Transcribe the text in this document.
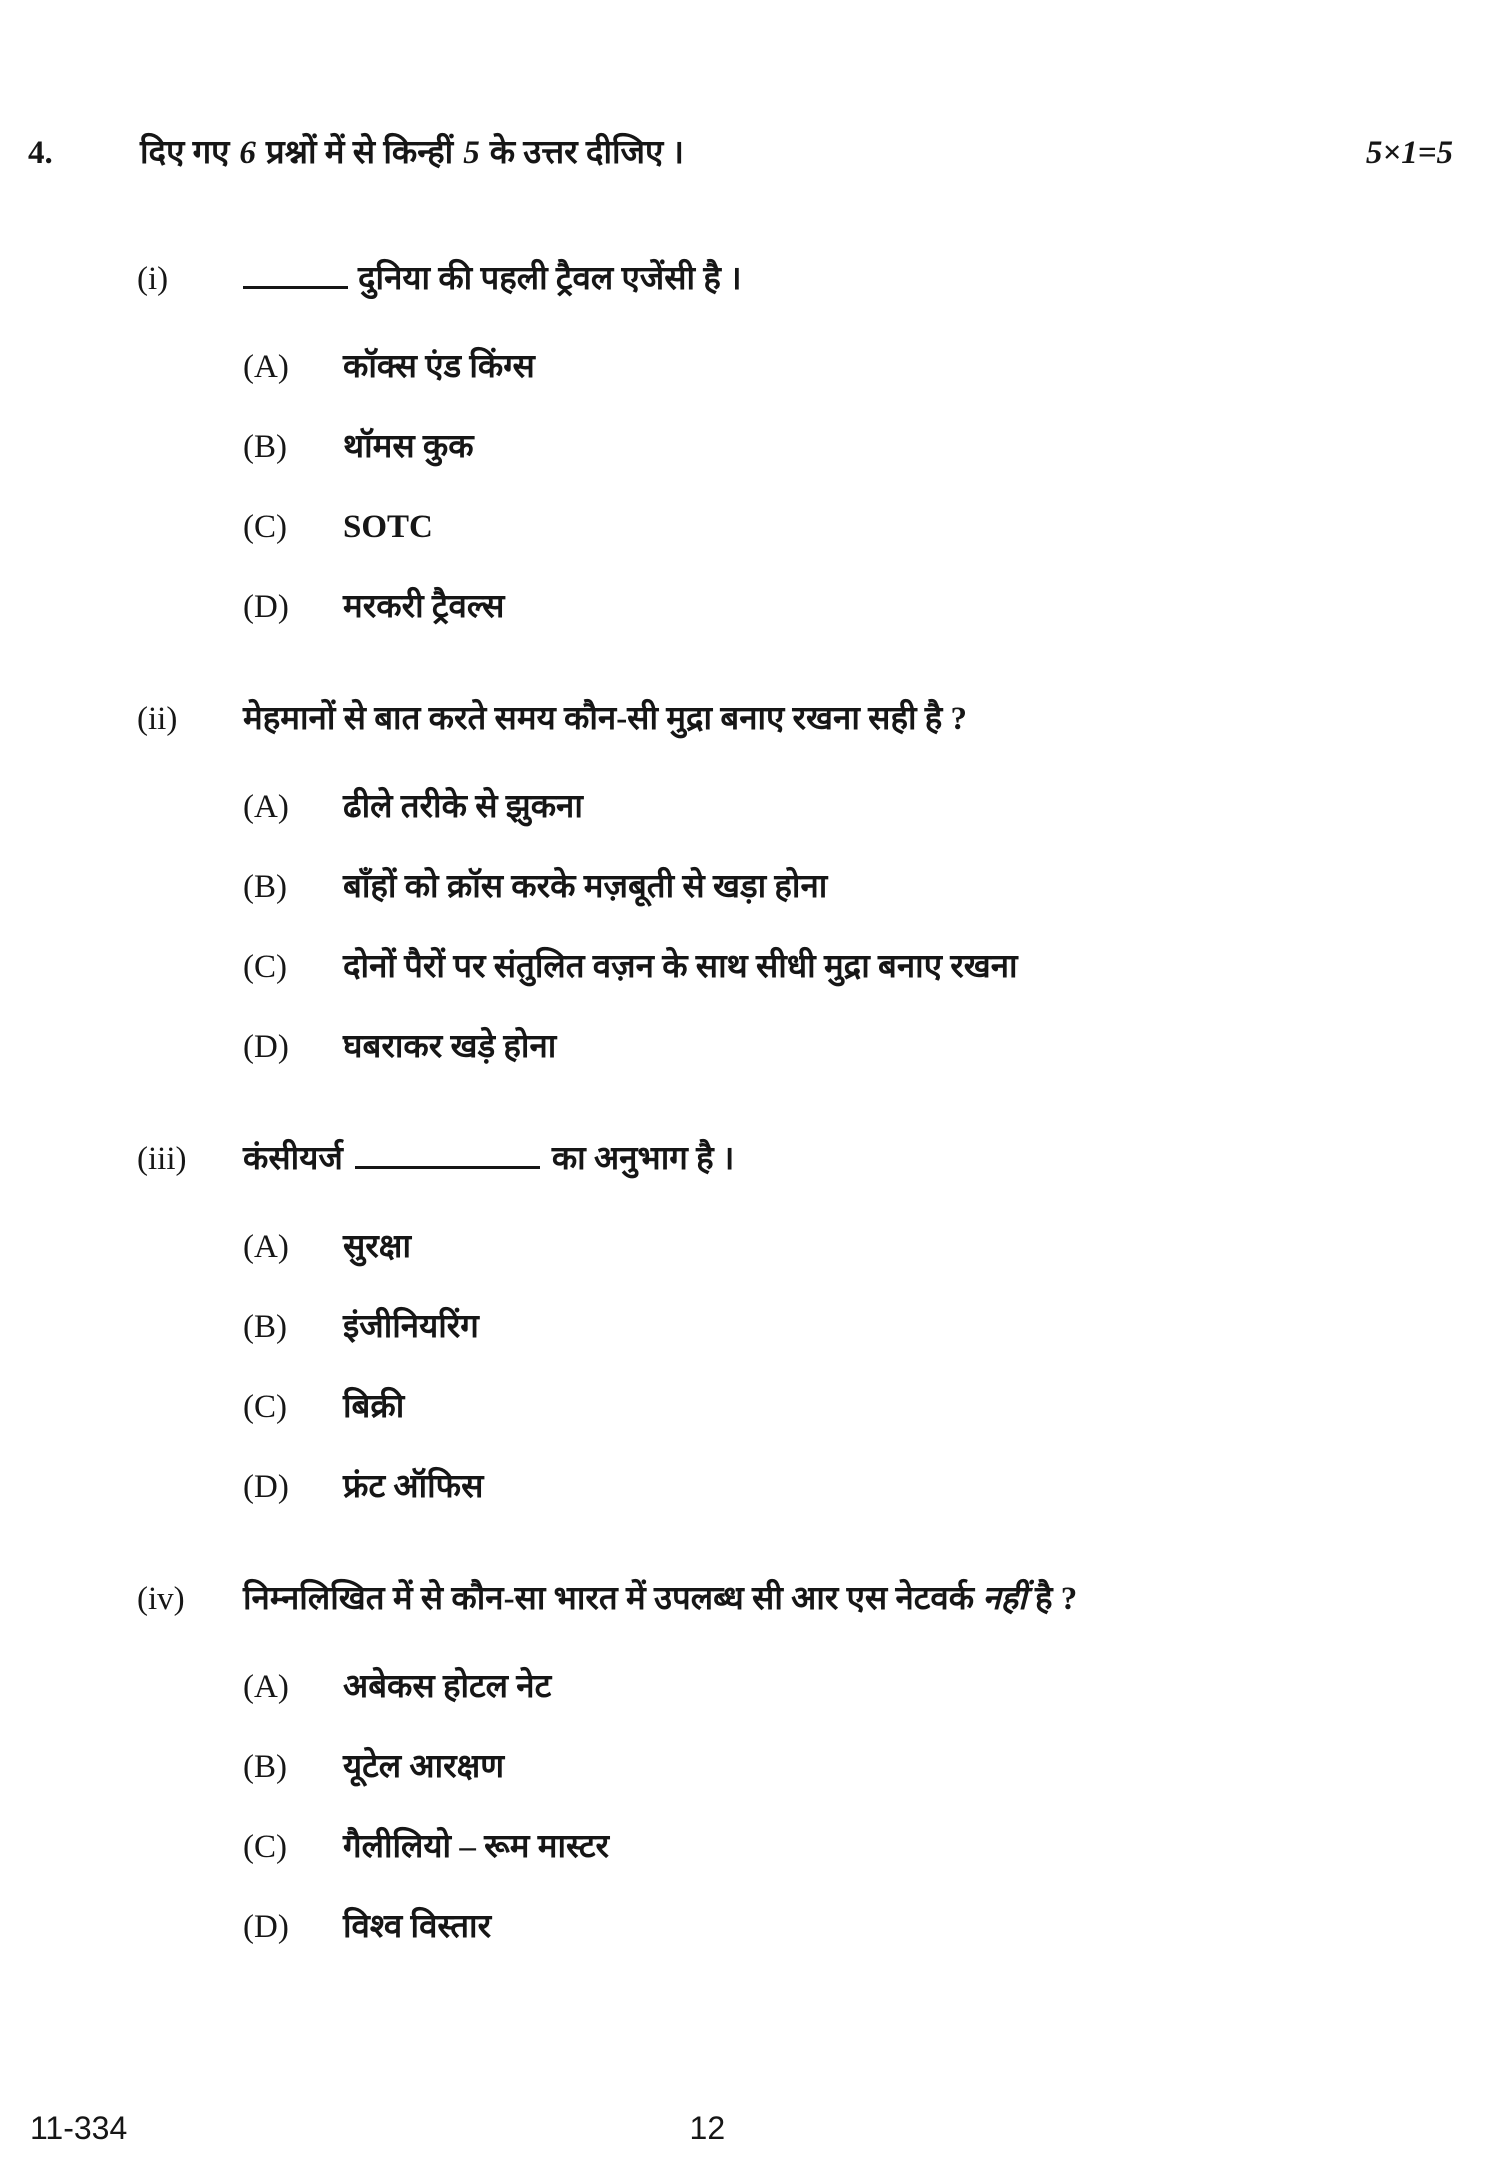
4.	दिए गए 6 प्रश्नों में से किन्हीं 5 के उत्तर दीजिए ।	5×1=5
(i)	दुनिया की पहली ट्रैवल एजेंसी है ।
(A)	कॉक्स एंड किंग्स
(B)	थॉमस कुक
(C)	SOTC
(D)	मरकरी ट्रैवल्स
(ii)	मेहमानों से बात करते समय कौन-सी मुद्रा बनाए रखना सही है ?
(A)	ढीले तरीके से झुकना
(B)	बाँहों को क्रॉस करके मज़बूती से खड़ा होना
(C)	दोनों पैरों पर संतुलित वज़न के साथ सीधी मुद्रा बनाए रखना
(D)	घबराकर खड़े होना
(iii)	कंसीयर्ज	का अनुभाग है ।
(A)	सुरक्षा
(B)	इंजीनियरिंग
(C)	बिक्री
(D)	फ्रंट ऑफिस
(iv)	निम्नलिखित में से कौन-सा भारत में उपलब्ध सी आर एस नेटवर्क नहीं है ?
(A)	अबेकस होटल नेट
(B)	यूटेल आरक्षण
(C)	गैलीलियो – रूम मास्टर
(D)	विश्व विस्तार
11-334	12
